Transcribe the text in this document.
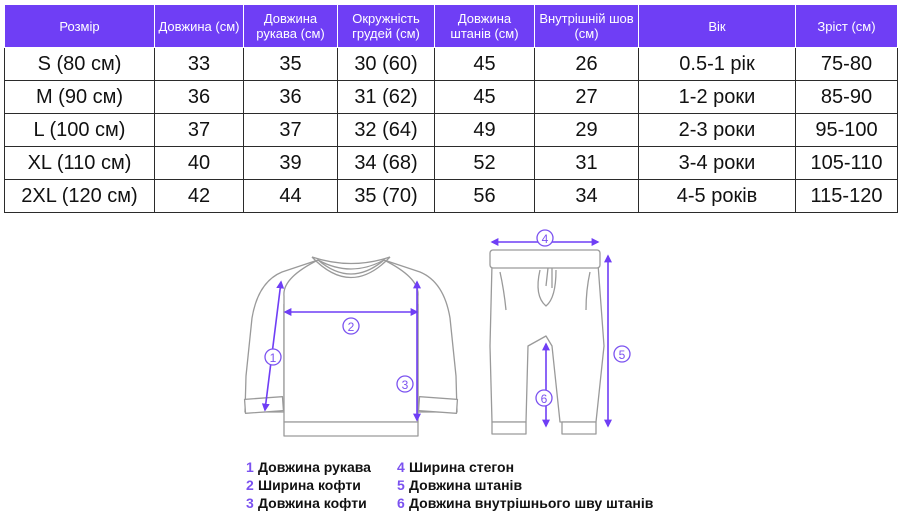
Розмір	Довжина (см)	Довжина рукава (см)	Окружність грудей (см)	Довжина штанів (см)	Внутрішній шов (см)	Вік	Зріст (см)
S (80 см)	33	35	30 (60)	45	26	0.5-1 рік	75-80
M (90 см)	36	36	31 (62)	45	27	1-2 роки	85-90
L (100 см)	37	37	32 (64)	49	29	2-3 роки	95-100
XL (110 см)	40	39	34 (68)	52	31	3-4 роки	105-110
2XL (120 см)	42	44	35 (70)	56	34	4-5 років	115-120
1
2
3
4
5
6
1 Довжина рукава
2 Ширина кофти
3 Довжина кофти
4 Ширина стегон
5 Довжина штанів
6 Довжина внутрішнього шву штанів
